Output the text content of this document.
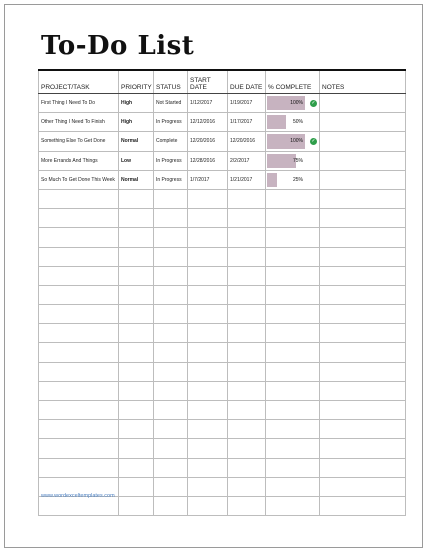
To-Do List
PROJECT/TASK	PRIORITY	STATUS	START DATE	DUE DATE	% COMPLETE	NOTES
First Thing I Need To Do	High	Not Started	1/12/2017	1/19/2017	100% ✓	

Other Thing I Need To Finish	High	In Progress	12/12/2016	1/17/2017	50%	

Something Else To Get Done	Normal	Complete	12/20/2016	12/20/2016	100% ✓	

More Errands And Things	Low	In Progress	12/28/2016	2/2/2017	75%	

So Much To Get Done This Week	Normal	In Progress	1/7/2017	1/21/2017	25%	

www.wordexceltemplates.com
